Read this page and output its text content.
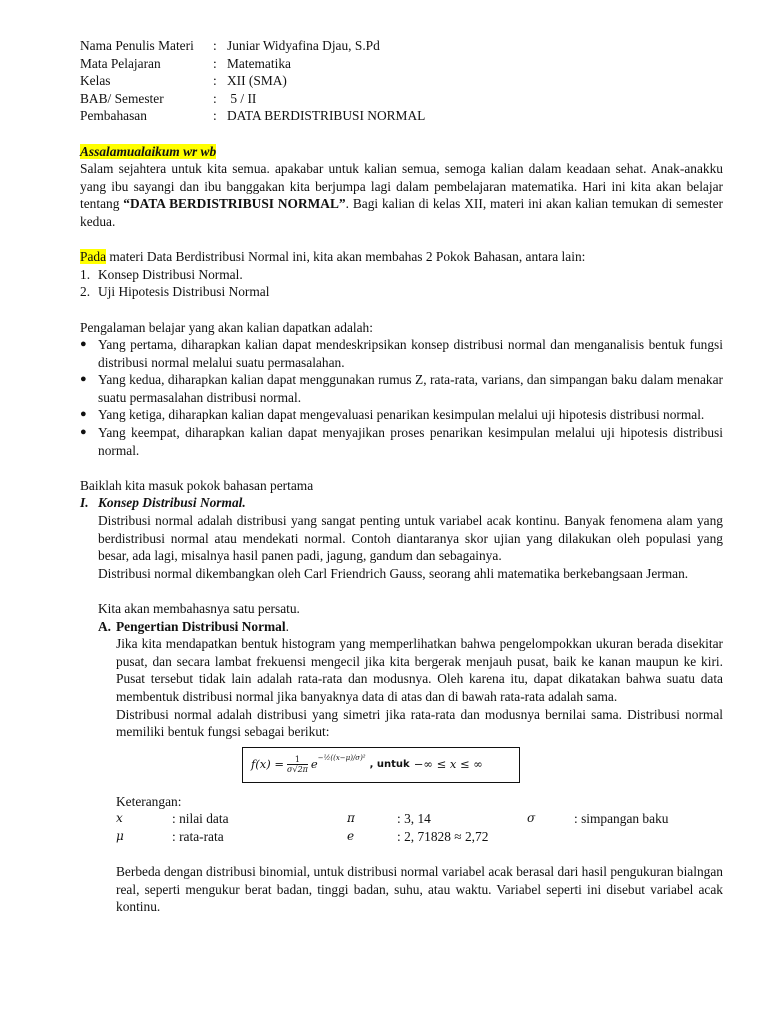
Nama Penulis Materi	: Juniar Widyafina Djau, S.Pd
Mata Pelajaran	: Matematika
Kelas	: XII (SMA)
BAB/ Semester	: 5 / II
Pembahasan	: DATA BERDISTRIBUSI NORMAL

Assalamualaikum wr wb

Salam sejahtera untuk kita semua. apakabar untuk kalian semua, semoga kalian dalam keadaan sehat. Anak-anakku yang ibu sayangi dan ibu banggakan kita berjumpa lagi dalam pembelajaran matematika. Hari ini kita akan belajar tentang “DATA BERDISTRIBUSI NORMAL”. Bagi kalian di kelas XII, materi ini akan kalian temukan di semester kedua.

Pada materi Data Berdistribusi Normal ini, kita akan membahas 2 Pokok Bahasan, antara lain:

1. Konsep Distribusi Normal.
2. Uji Hipotesis Distribusi Normal

Pengalaman belajar yang akan kalian dapatkan adalah:

● Yang pertama, diharapkan kalian dapat mendeskripsikan konsep distribusi normal dan menganalisis bentuk fungsi distribusi normal melalui suatu permasalahan.
● Yang kedua, diharapkan kalian dapat menggunakan rumus Z, rata-rata, varians, dan simpangan baku dalam menakar suatu permasalahan distribusi normal.
● Yang ketiga, diharapkan kalian dapat mengevaluasi penarikan kesimpulan melalui uji hipotesis distribusi normal.
● Yang keempat, diharapkan kalian dapat menyajikan proses penarikan kesimpulan melalui uji hipotesis distribusi normal.

Baiklah kita masuk pokok bahasan pertama

I. Konsep Distribusi Normal.

Distribusi normal adalah distribusi yang sangat penting untuk variabel acak kontinu. Banyak fenomena alam yang berdistribusi normal atau mendekati normal. Contoh diantaranya skor ujian yang dilakukan oleh populasi yang besar, ada lagi, misalnya hasil panen padi, jagung, gandum dan sebagainya.

Distribusi normal dikembangkan oleh Carl Friendrich Gauss, seorang ahli matematika berkebangsaan Jerman.

Kita akan membahasnya satu persatu.

A. Pengertian Distribusi Normal.

Jika kita mendapatkan bentuk histogram yang memperlihatkan bahwa pengelompokkan ukuran berada disekitar pusat, dan secara lambat frekuensi mengecil jika kita bergerak menjauh pusat, baik ke kanan maupun ke kiri. Pusat tersebut tidak lain adalah rata-rata dan modusnya. Oleh karena itu, dapat dikatakan bahwa suatu data membentuk distribusi normal jika banyaknya data di atas dan di bawah rata-rata adalah sama.

Distribusi normal adalah distribusi yang simetri jika rata-rata dan modusnya bernilai sama. Distribusi normal memiliki bentuk fungsi sebagai berikut:

$f(x) = \frac{1}{\sigma√2\pi}$ e −½((x−μ)/σ)²
, untuk −∞ ≤ x ≤ ∞

Keterangan:

x	: nilai data	π	: 3, 14	σ	: simpangan baku
μ	: rata-rata	e	: 2, 71828 ≈ 2,72

Berbeda dengan distribusi binomial, untuk distribusi normal variabel acak berasal dari hasil pengukuran bialngan real, seperti mengukur berat badan, tinggi badan, suhu, atau waktu. Variabel seperti ini disebut variabel acak kontinu.
